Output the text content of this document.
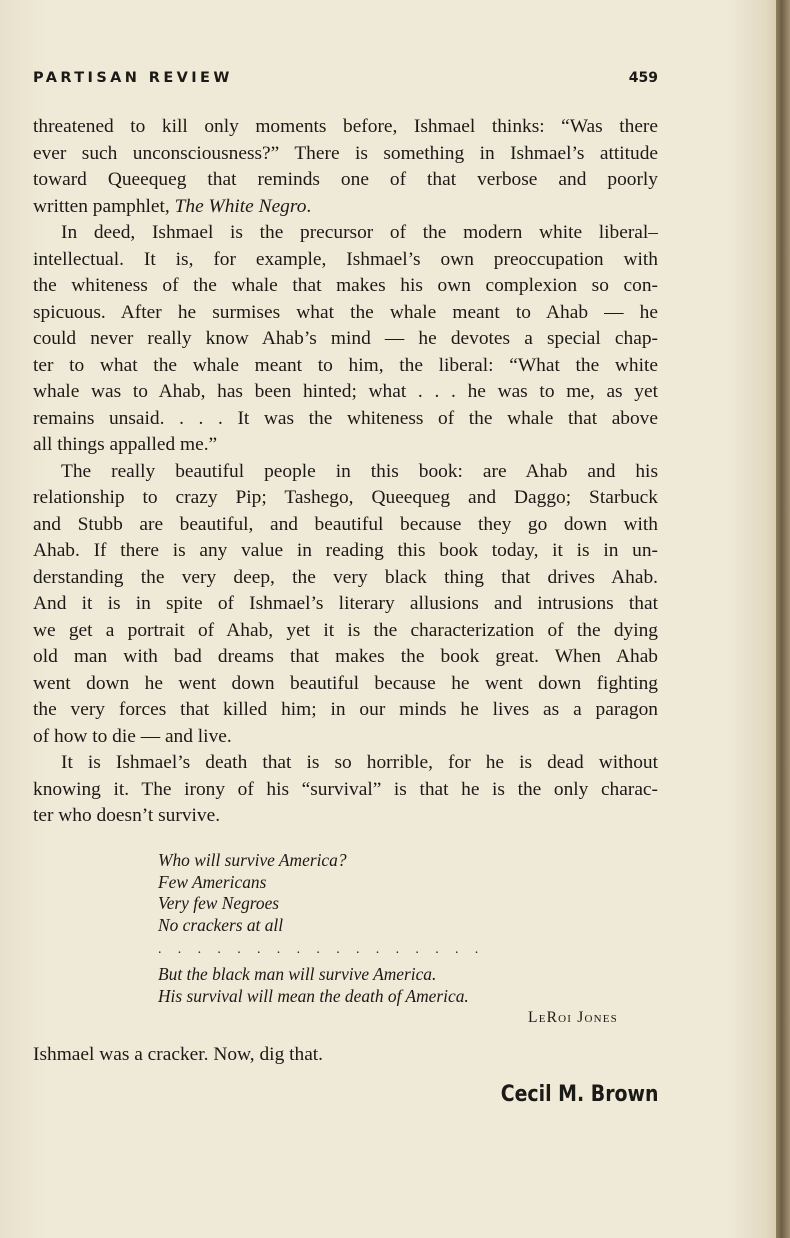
PARTISAN REVIEW	459

threatened to kill only moments before, Ishmael thinks: “Was there
ever such unconsciousness?” There is something in Ishmael’s attitude
toward Queequeg that reminds one of that verbose and poorly
written pamphlet, The White Negro.

In deed, Ishmael is the precursor of the modern white liberal–
intellectual. It is, for example, Ishmael’s own preoccupation with
the whiteness of the whale that makes his own complexion so con-
spicuous. After he surmises what the whale meant to Ahab — he
could never really know Ahab’s mind — he devotes a special chap-
ter to what the whale meant to him, the liberal: “What the white
whale was to Ahab, has been hinted; what . . . he was to me, as yet
remains unsaid. . . . It was the whiteness of the whale that above
all things appalled me.”

The really beautiful people in this book: are Ahab and his
relationship to crazy Pip; Tashego, Queequeg and Daggo; Starbuck
and Stubb are beautiful, and beautiful because they go down with
Ahab. If there is any value in reading this book today, it is in un-
derstanding the very deep, the very black thing that drives Ahab.
And it is in spite of Ishmael’s literary allusions and intrusions that
we get a portrait of Ahab, yet it is the characterization of the dying
old man with bad dreams that makes the book great. When Ahab
went down he went down beautiful because he went down fighting
the very forces that killed him; in our minds he lives as a paragon
of how to die — and live.

It is Ishmael’s death that is so horrible, for he is dead without
knowing it. The irony of his “survival” is that he is the only charac-
ter who doesn’t survive.

Who will survive America?
Few Americans
Very few Negroes
No crackers at all
. . . . . . . . . . . . . . . . .
But the black man will survive America.
His survival will mean the death of America.
LeRoi Jones
Ishmael was a cracker. Now, dig that.
Cecil M. Brown
